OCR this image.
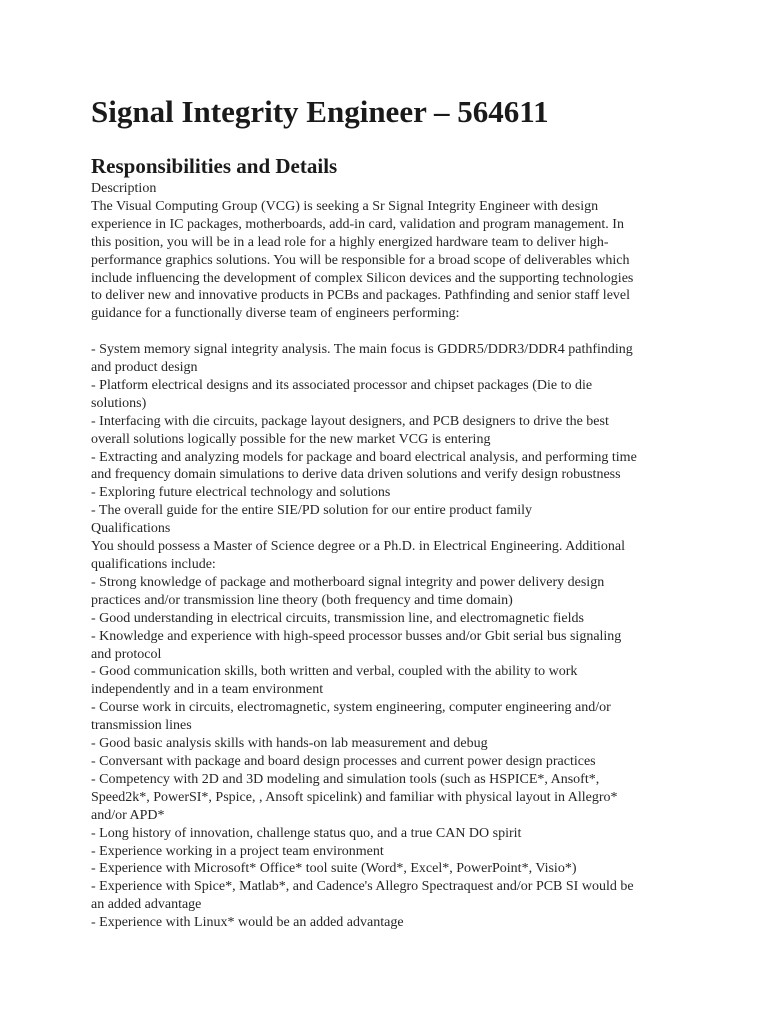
Signal Integrity Engineer – 564611
Responsibilities and Details
Description
The Visual Computing Group (VCG) is seeking a Sr Signal Integrity Engineer with design
experience in IC packages, motherboards, add-in card, validation and program management. In
this position, you will be in a lead role for a highly energized hardware team to deliver high-
performance graphics solutions. You will be responsible for a broad scope of deliverables which
include influencing the development of complex Silicon devices and the supporting technologies
to deliver new and innovative products in PCBs and packages. Pathfinding and senior staff level
guidance for a functionally diverse team of engineers performing:
- System memory signal integrity analysis. The main focus is GDDR5/DDR3/DDR4 pathfinding
and product design
- Platform electrical designs and its associated processor and chipset packages (Die to die
solutions)
- Interfacing with die circuits, package layout designers, and PCB designers to drive the best
overall solutions logically possible for the new market VCG is entering
- Extracting and analyzing models for package and board electrical analysis, and performing time
and frequency domain simulations to derive data driven solutions and verify design robustness
- Exploring future electrical technology and solutions
- The overall guide for the entire SIE/PD solution for our entire product family
Qualifications
You should possess a Master of Science degree or a Ph.D. in Electrical Engineering. Additional
qualifications include:
- Strong knowledge of package and motherboard signal integrity and power delivery design
practices and/or transmission line theory (both frequency and time domain)
- Good understanding in electrical circuits, transmission line, and electromagnetic fields
- Knowledge and experience with high-speed processor busses and/or Gbit serial bus signaling
and protocol
- Good communication skills, both written and verbal, coupled with the ability to work
independently and in a team environment
- Course work in circuits, electromagnetic, system engineering, computer engineering and/or
transmission lines
- Good basic analysis skills with hands-on lab measurement and debug
- Conversant with package and board design processes and current power design practices
- Competency with 2D and 3D modeling and simulation tools (such as HSPICE*, Ansoft*,
Speed2k*, PowerSI*, Pspice, , Ansoft spicelink) and familiar with physical layout in Allegro*
and/or APD*
- Long history of innovation, challenge status quo, and a true CAN DO spirit
- Experience working in a project team environment
- Experience with Microsoft* Office* tool suite (Word*, Excel*, PowerPoint*, Visio*)
- Experience with Spice*, Matlab*, and Cadence's Allegro Spectraquest and/or PCB SI would be
an added advantage
- Experience with Linux* would be an added advantage
